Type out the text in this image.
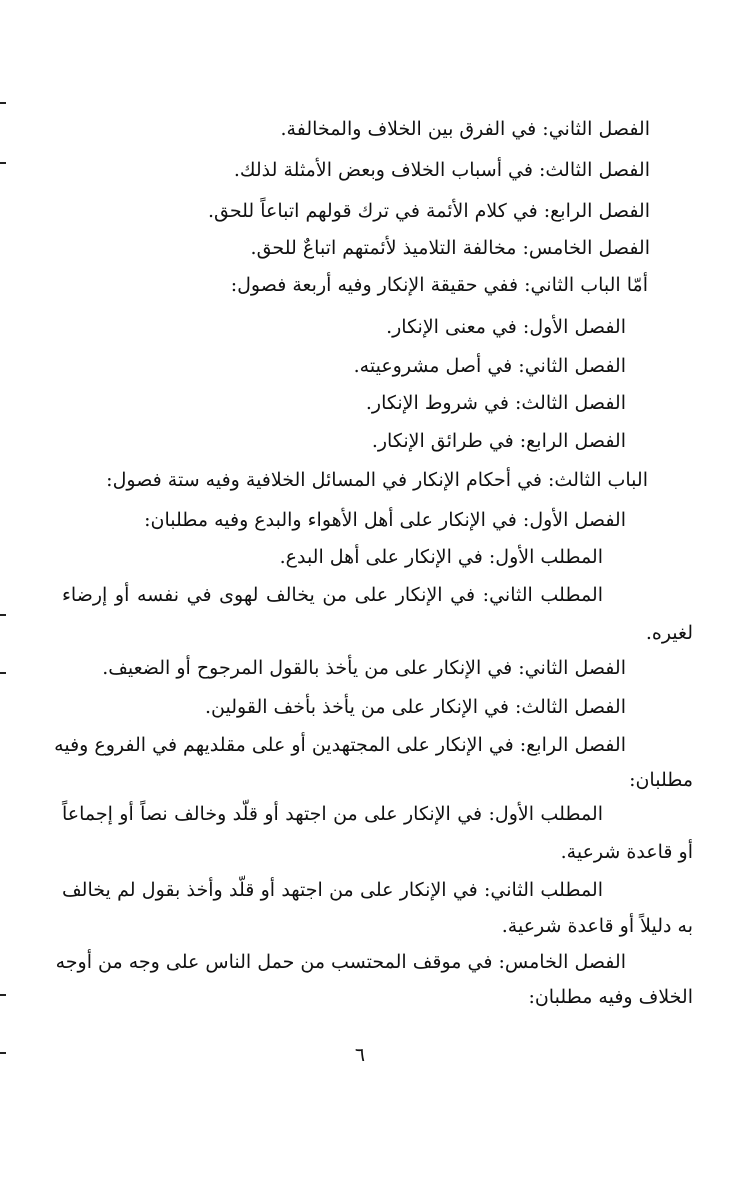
الفصل الثاني: في الفرق بين الخلاف والمخالفة.
الفصل الثالث: في أسباب الخلاف وبعض الأمثلة لذلك.
الفصل الرابع: في كلام الأئمة في ترك قولهم اتباعاً للحق.
الفصل الخامس: مخالفة التلاميذ لأئمتهم اتباعٌ للحق.
أمّا الباب الثاني: ففي حقيقة الإنكار وفيه أربعة فصول:
الفصل الأول: في معنى الإنكار.
الفصل الثاني: في أصل مشروعيته.
الفصل الثالث: في شروط الإنكار.
الفصل الرابع: في طرائق الإنكار.
الباب الثالث: في أحكام الإنكار في المسائل الخلافية وفيه ستة فصول:
الفصل الأول: في الإنكار على أهل الأهواء والبدع وفيه مطلبان:
المطلب الأول: في الإنكار على أهل البدع.
المطلب الثاني: في الإنكار على من يخالف لهوى في نفسه أو إرضاء
لغيره.
الفصل الثاني: في الإنكار على من يأخذ بالقول المرجوح أو الضعيف.
الفصل الثالث: في الإنكار على من يأخذ بأخف القولين.
الفصل الرابع: في الإنكار على المجتهدين أو على مقلديهم في الفروع وفيه
مطلبان:
المطلب الأول: في الإنكار على من اجتهد أو قلّد وخالف نصاً أو إجماعاً
أو قاعدة شرعية.
المطلب الثاني: في الإنكار على من اجتهد أو قلّد وأخذ بقول لم يخالف
به دليلاً أو قاعدة شرعية.
الفصل الخامس: في موقف المحتسب من حمل الناس على وجه من أوجه
الخلاف وفيه مطلبان:
٦
